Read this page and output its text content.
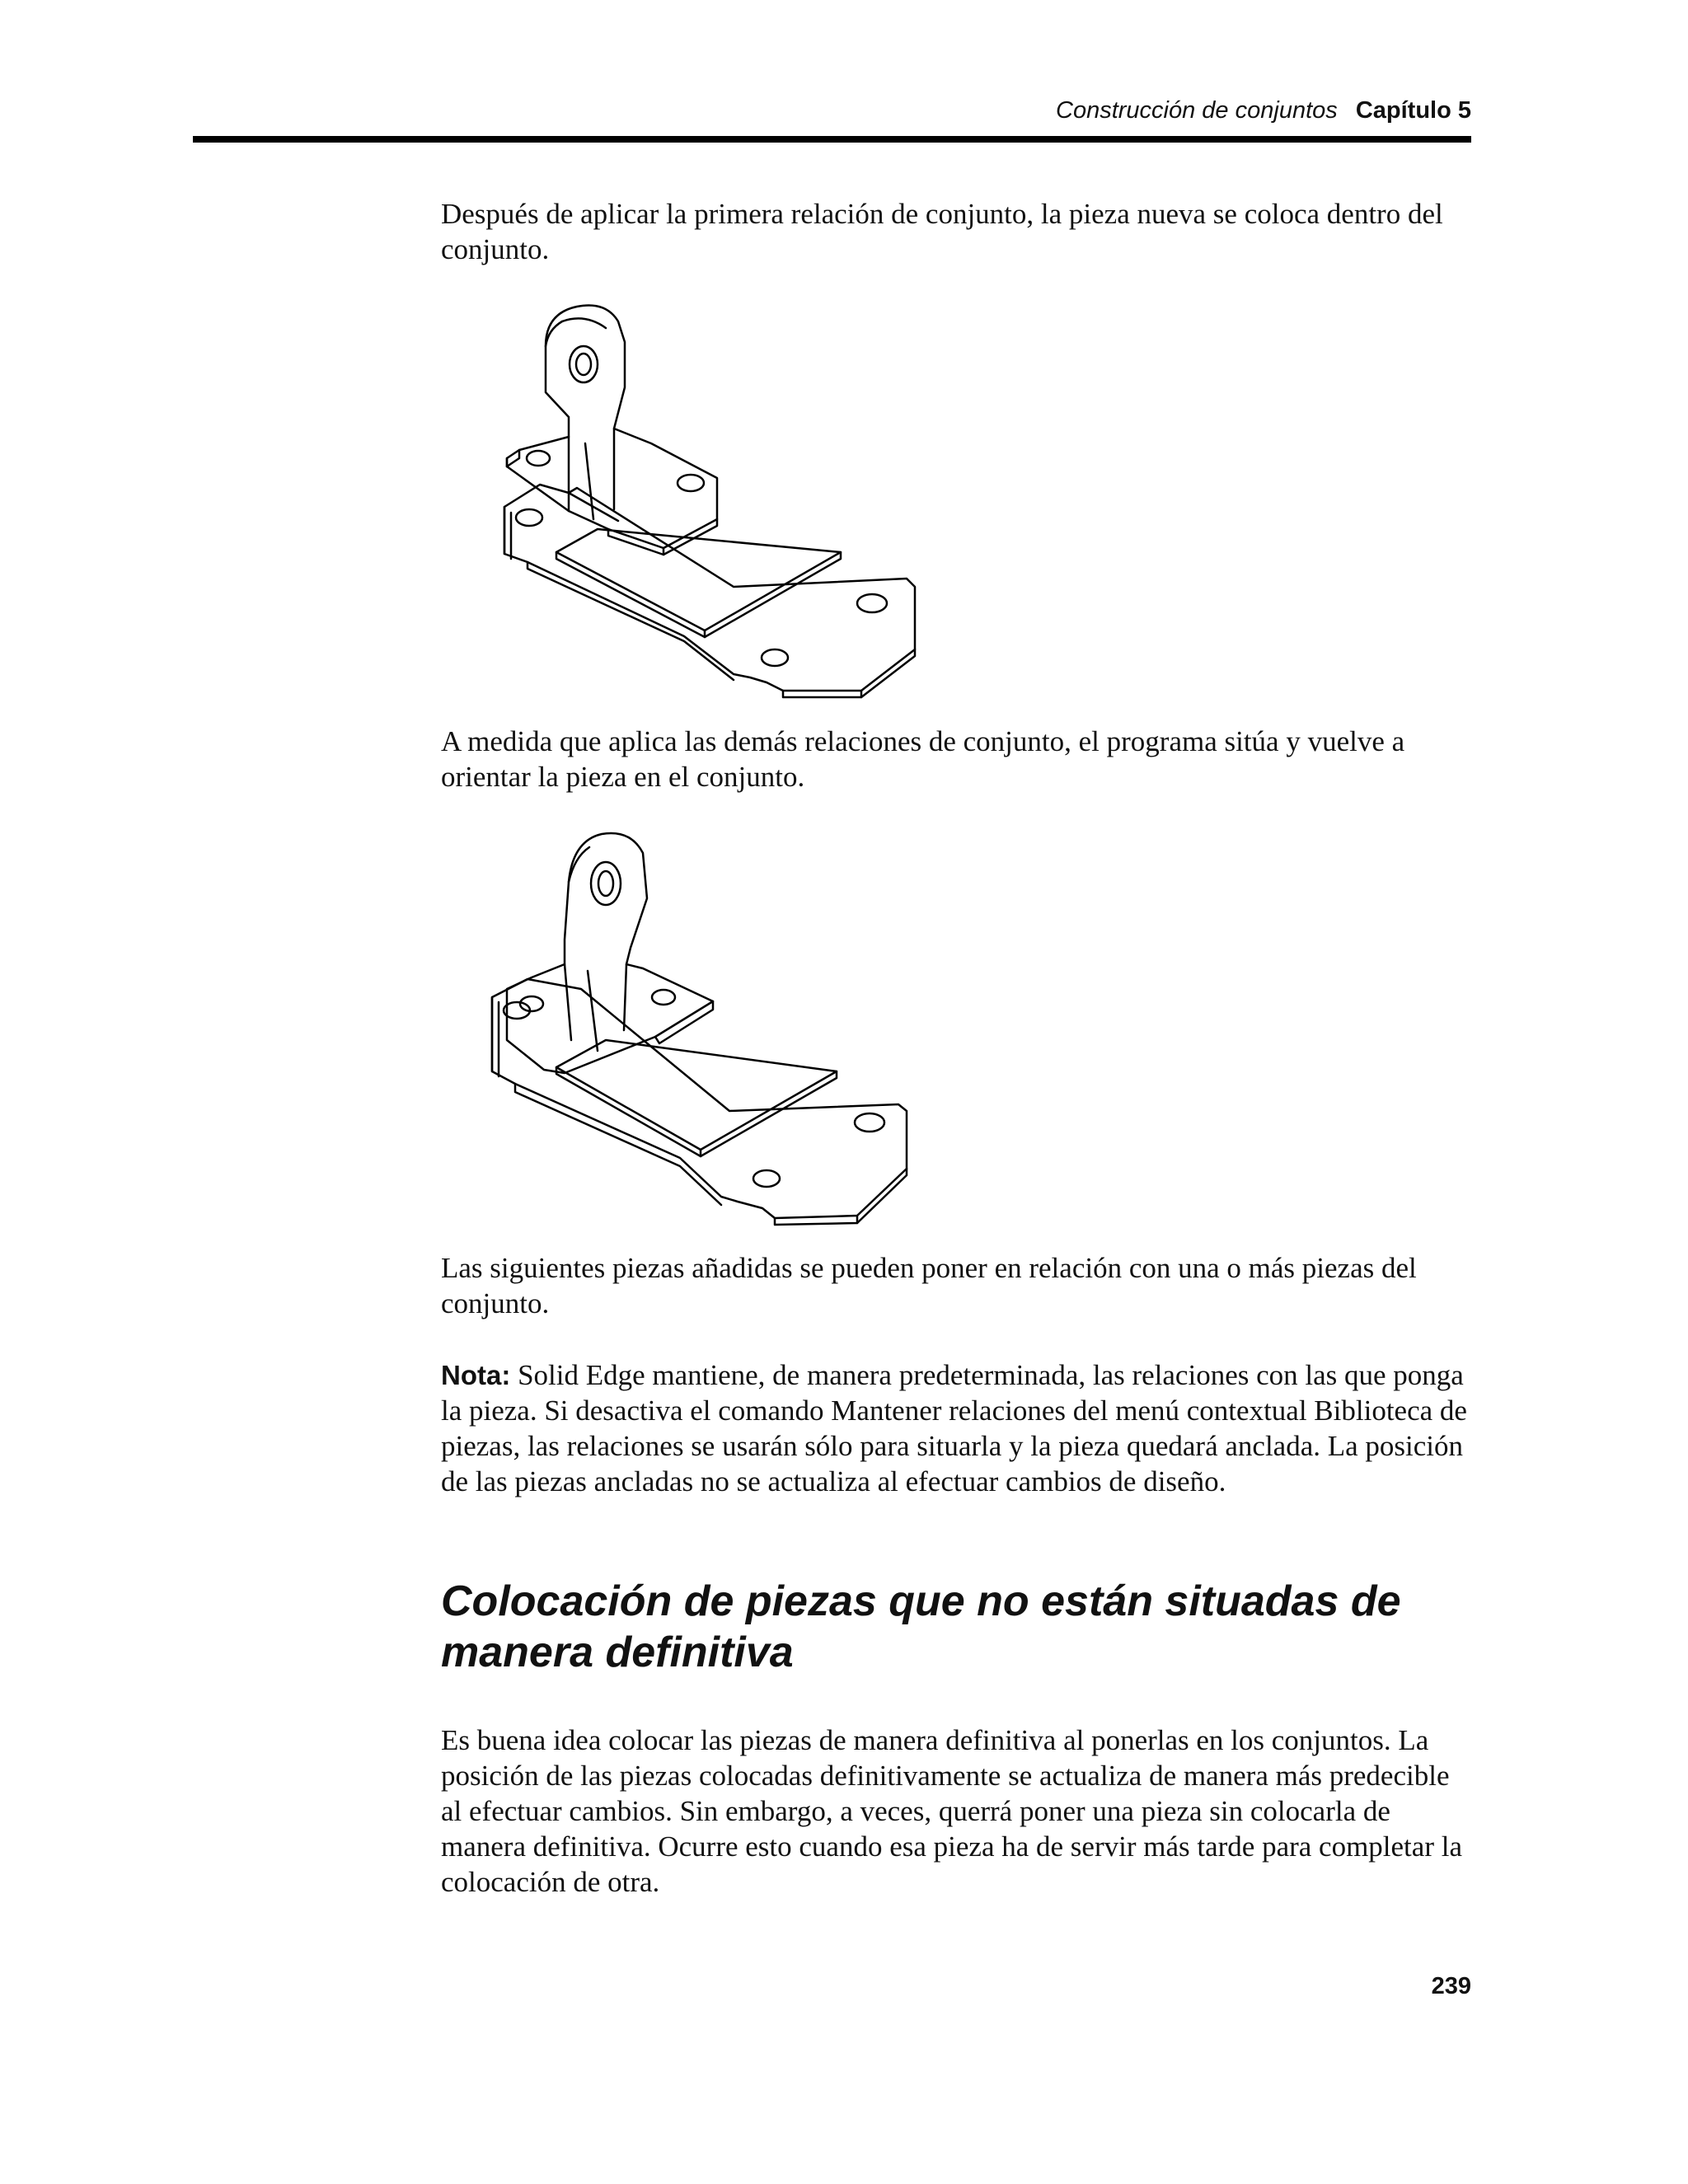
Construcción de conjuntos Capítulo 5

Después de aplicar la primera relación de conjunto, la pieza nueva se coloca dentro del conjunto.

A medida que aplica las demás relaciones de conjunto, el programa sitúa y vuelve a orientar la pieza en el conjunto.

Las siguientes piezas añadidas se pueden poner en relación con una o más piezas del conjunto.

Nota: Solid Edge mantiene, de manera predeterminada, las relaciones con las que ponga la pieza. Si desactiva el comando Mantener relaciones del menú contextual Biblioteca de piezas, las relaciones se usarán sólo para situarla y la pieza quedará anclada. La posición de las piezas ancladas no se actualiza al efectuar cambios de diseño.

Colocación de piezas que no están situadas de manera definitiva

Es buena idea colocar las piezas de manera definitiva al ponerlas en los conjuntos. La posición de las piezas colocadas definitivamente se actualiza de manera más predecible al efectuar cambios. Sin embargo, a veces, querrá poner una pieza sin colocarla de manera definitiva. Ocurre esto cuando esa pieza ha de servir más tarde para completar la colocación de otra.

239
